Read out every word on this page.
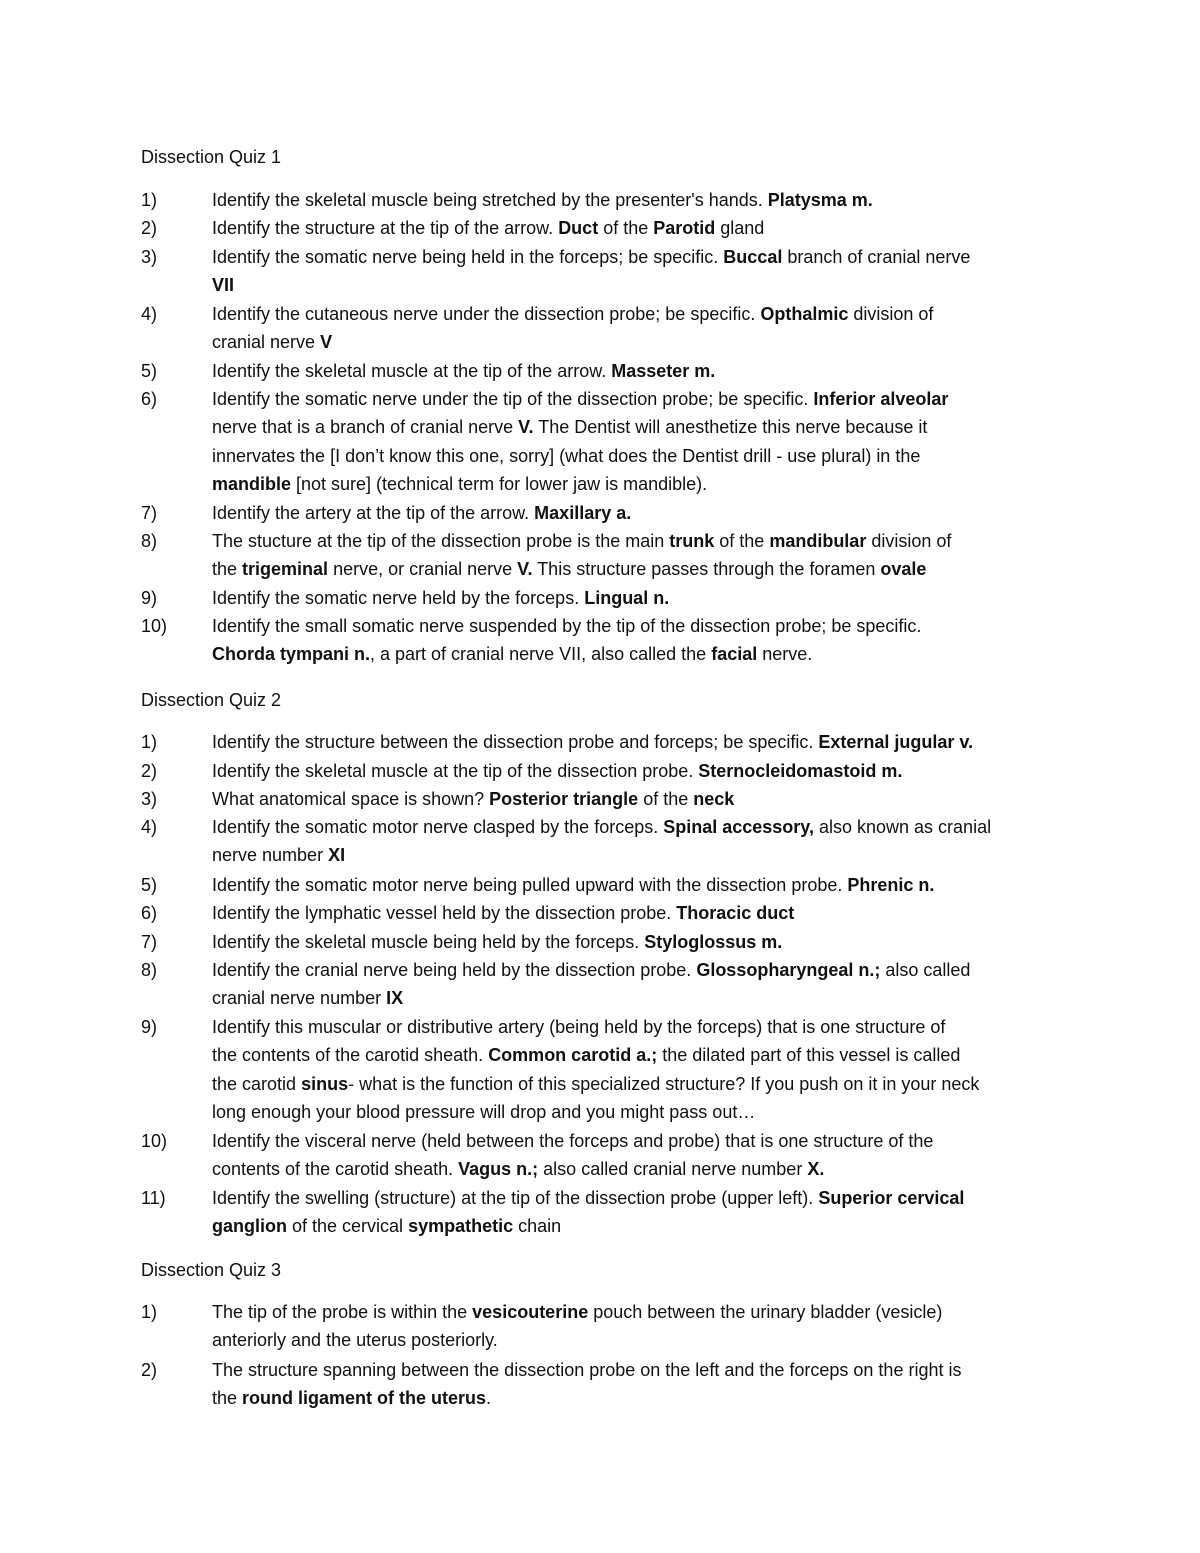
Dissection Quiz 1
1)	Identify the skeletal muscle being stretched by the presenter's hands. Platysma m.
2)	Identify the structure at the tip of the arrow. Duct of the Parotid gland
3)	Identify the somatic nerve being held in the forceps; be specific. Buccal branch of cranial nerve
VII
4)	Identify the cutaneous nerve under the dissection probe; be specific. Opthalmic division of
cranial nerve V
5)	Identify the skeletal muscle at the tip of the arrow. Masseter m.
6)	Identify the somatic nerve under the tip of the dissection probe; be specific. Inferior alveolar
nerve that is a branch of cranial nerve V. The Dentist will anesthetize this nerve because it
innervates the [I don’t know this one, sorry] (what does the Dentist drill - use plural) in the
mandible [not sure] (technical term for lower jaw is mandible).
7)	Identify the artery at the tip of the arrow. Maxillary a.
8)	The stucture at the tip of the dissection probe is the main trunk of the mandibular division of
the trigeminal nerve, or cranial nerve V. This structure passes through the foramen ovale
9)	Identify the somatic nerve held by the forceps. Lingual n.
10)	Identify the small somatic nerve suspended by the tip of the dissection probe; be specific.
Chorda tympani n., a part of cranial nerve VII, also called the facial nerve.
Dissection Quiz 2
1)	Identify the structure between the dissection probe and forceps; be specific. External jugular v.
2)	Identify the skeletal muscle at the tip of the dissection probe. Sternocleidomastoid m.
3)	What anatomical space is shown? Posterior triangle of the neck
4)	Identify the somatic motor nerve clasped by the forceps. Spinal accessory, also known as cranial
nerve number XI
5)	Identify the somatic motor nerve being pulled upward with the dissection probe. Phrenic n.
6)	Identify the lymphatic vessel held by the dissection probe. Thoracic duct
7)	Identify the skeletal muscle being held by the forceps. Styloglossus m.
8)	Identify the cranial nerve being held by the dissection probe. Glossopharyngeal n.; also called
cranial nerve number IX
9)	Identify this muscular or distributive artery (being held by the forceps) that is one structure of
the contents of the carotid sheath. Common carotid a.; the dilated part of this vessel is called
the carotid sinus- what is the function of this specialized structure? If you push on it in your neck
long enough your blood pressure will drop and you might pass out…
10)	Identify the visceral nerve (held between the forceps and probe) that is one structure of the
contents of the carotid sheath. Vagus n.; also called cranial nerve number X.
11)	Identify the swelling (structure) at the tip of the dissection probe (upper left). Superior cervical
ganglion of the cervical sympathetic chain
Dissection Quiz 3
1)	The tip of the probe is within the vesicouterine pouch between the urinary bladder (vesicle)
anteriorly and the uterus posteriorly.
2)	The structure spanning between the dissection probe on the left and the forceps on the right is
the round ligament of the uterus.
